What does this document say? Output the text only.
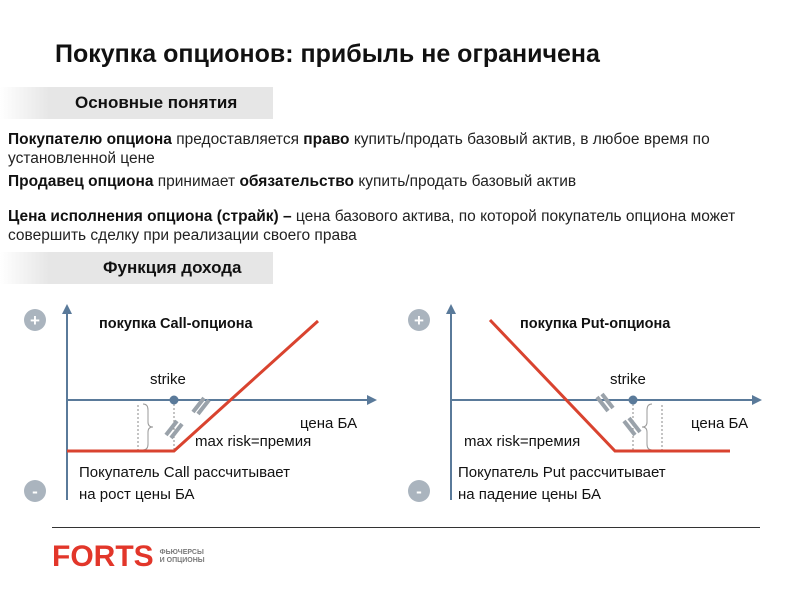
Покупка опционов: прибыль не ограничена
Основные понятия
Покупателю опциона предоставляется право купить/продать базовый актив, в любое время по установленной цене
Продавец опциона принимает обязательство купить/продать базовый актив
Цена исполнения опциона (страйк) – цена базового актива, по которой покупатель опциона может совершить сделку при реализации своего права
Функция дохода
+
-
покупка Call-опциона
strike
цена БА
max risk=премия
Покупатель Call рассчитывает
на рост цены БА
+
-
покупка Put-опциона
strike
цена БА
max risk=премия
Покупатель Put рассчитывает
на падение цены БА
FORTS ФЬЮЧЕРСЫ
И ОПЦИОНЫ
